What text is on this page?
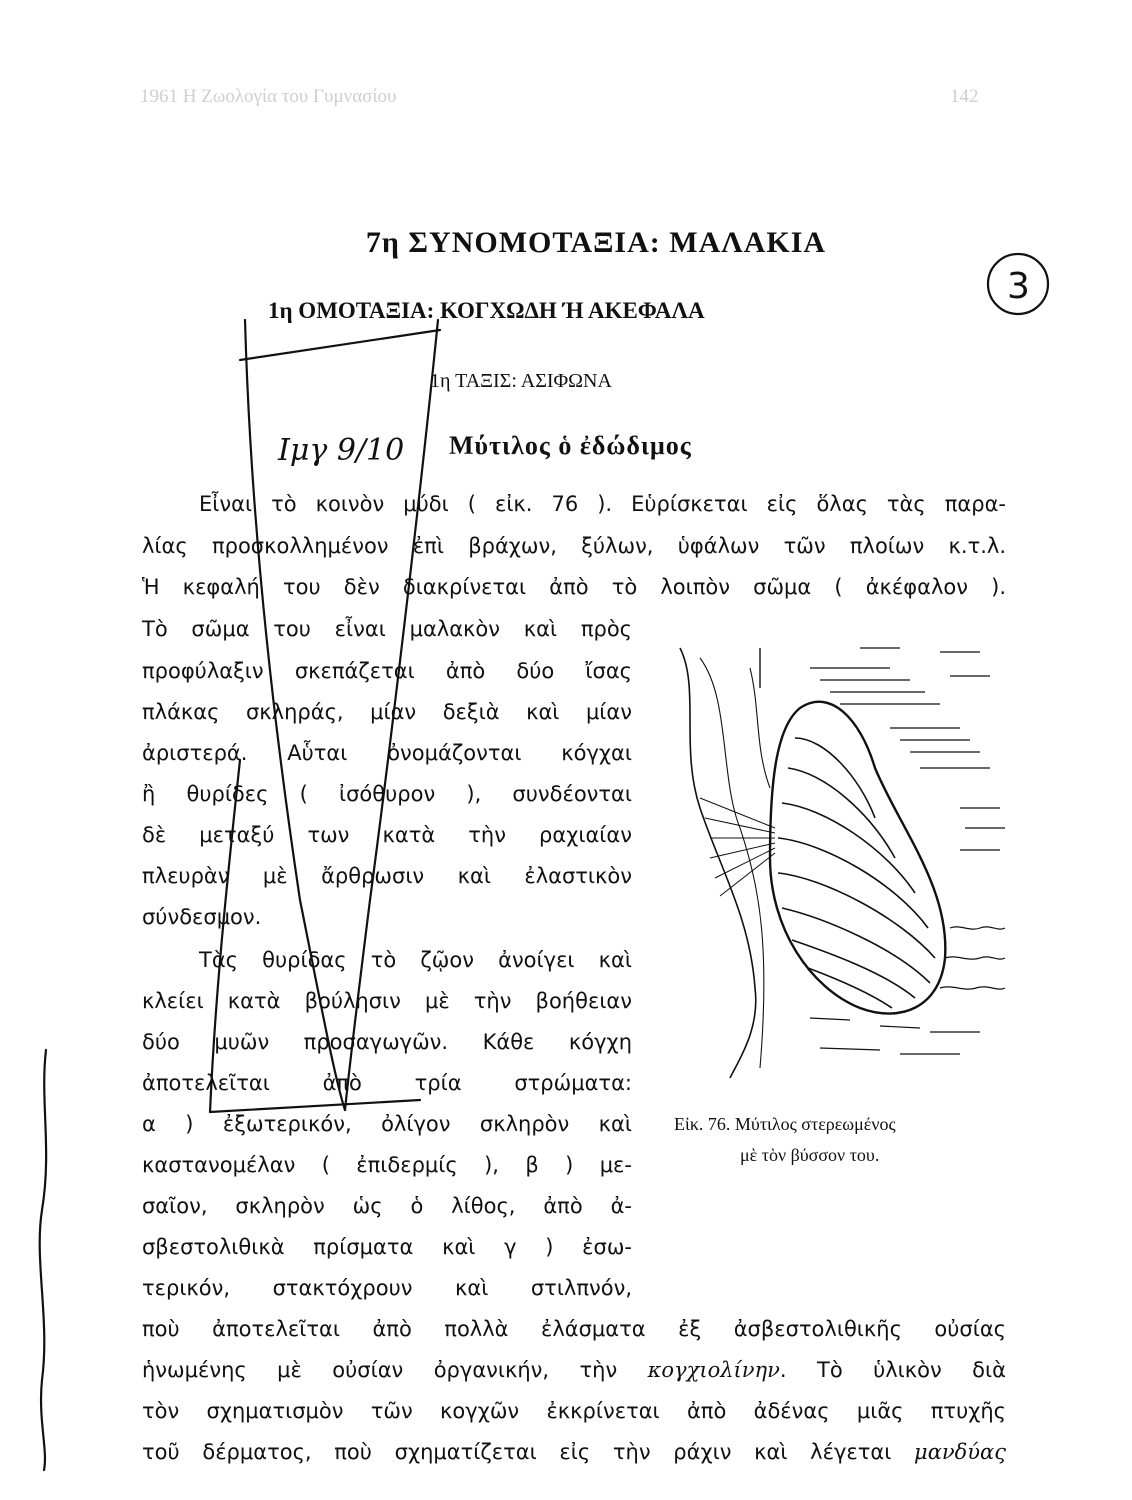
1961 Η Ζωολογία του Γυμνασίου	142
7η ΣΥΝΟΜΟΤΑΞΙΑ: ΜΑΛΑΚΙΑ
1η ΟΜΟΤΑΞΙΑ: ΚΟΓΧΩΔΗ Ή ΑΚΕΦΑΛΑ
1η ΤΑΞΙΣ: ΑΣΙΦΩΝΑ
Μύτιλος ὁ ἐδώδιμος
Εἶναι τὸ κοινὸν μύδι ( εἰκ. 76 ). Εὑρίσκεται εἰς ὅλας τὰς παρα-
λίας προσκολλημένον ἐπὶ βράχων, ξύλων, ὑφάλων τῶν πλοίων κ.τ.λ.
Ἡ κεφαλή του δὲν διακρίνεται ἀπὸ τὸ λοιπὸν σῶμα ( ἀκέφαλον ).
Τὸ σῶμα του εἶναι μαλακὸν καὶ πρὸς
προφύλαξιν σκεπάζεται ἀπὸ δύο ἴσας
πλάκας σκληράς, μίαν δεξιὰ καὶ μίαν
ἀριστερά. Αὗται ὀνομάζονται κόγχαι
ἢ θυρίδες ( ἰσόθυρον ), συνδέονται
δὲ μεταξύ των κατὰ τὴν ραχιαίαν
πλευρὰν μὲ ἄρθρωσιν καὶ ἐλαστικὸν
σύνδεσμον.
Τὰς θυρίδας τὸ ζῷον ἀνοίγει καὶ
κλείει κατὰ βούλησιν μὲ τὴν βοήθειαν
δύο μυῶν προσαγωγῶν. Κάθε κόγχη
ἀποτελεῖται ἀπὸ τρία στρώματα:
α ) ἐξωτερικόν, ὀλίγον σκληρὸν καὶ
καστανομέλαν ( ἐπιδερμίς ), β ) με-
σαῖον, σκληρὸν ὡς ὁ λίθος, ἀπὸ ἀ-
σβεστολιθικὰ πρίσματα καὶ γ ) ἐσω-
τερικόν, στακτόχρουν καὶ στιλπνόν,
ποὺ ἀποτελεῖται ἀπὸ πολλὰ ἐλάσματα ἐξ ἀσβεστολιθικῆς οὐσίας
ἡνωμένης μὲ οὐσίαν ὀργανικήν, τὴν κογχιολίνην. Τὸ ὑλικὸν διὰ
τὸν σχηματισμὸν τῶν κογχῶν ἐκκρίνεται ἀπὸ ἀδένας μιᾶς πτυχῆς
τοῦ δέρματος, ποὺ σχηματίζεται εἰς τὴν ράχιν καὶ λέγεται μανδύας
Εἰκ. 76. Μύτιλος στερεωμένος
μὲ τὸν βύσσον του.
3
Ιμγ 9/10
